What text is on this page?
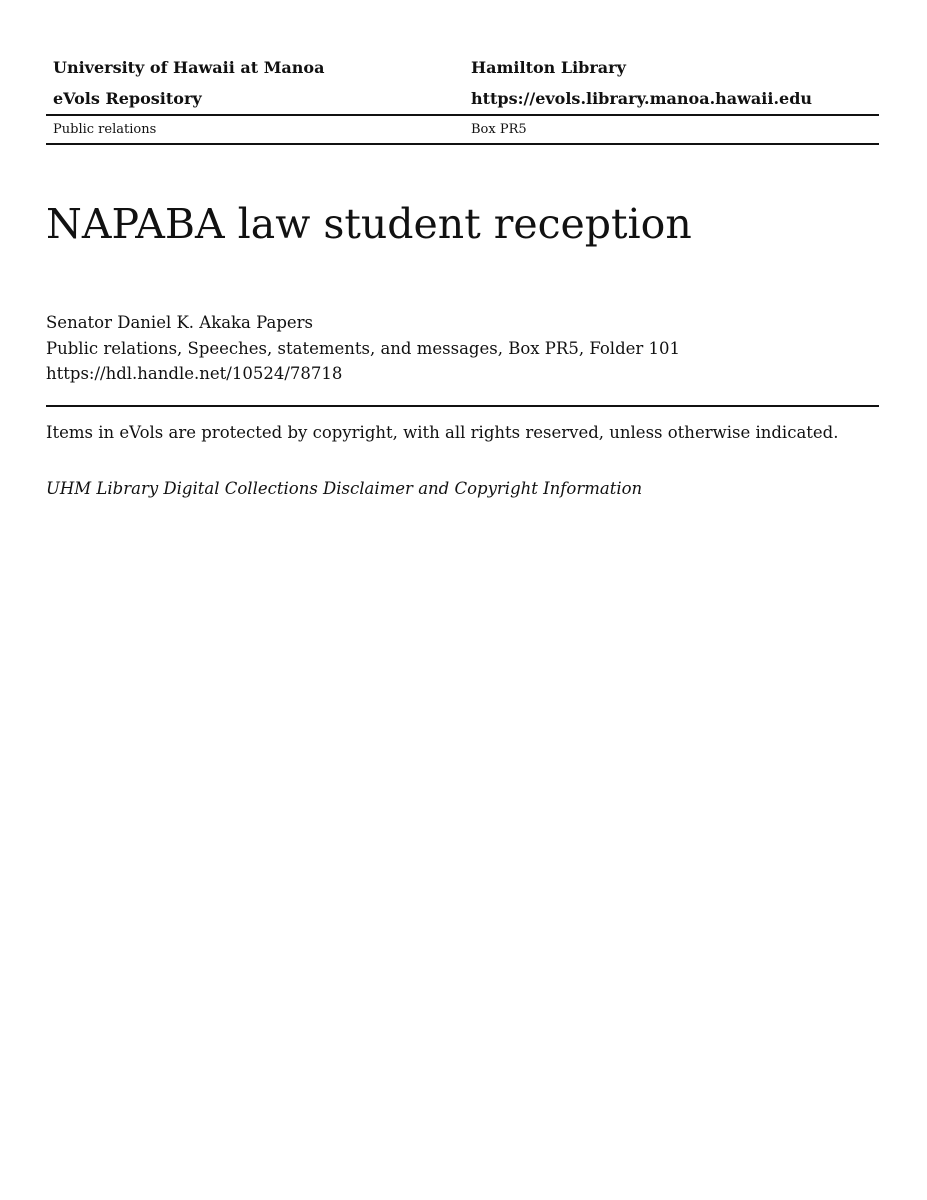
University of Hawaii at Manoa	Hamilton Library
eVols Repository	https://evols.library.manoa.hawaii.edu
Public relations	Box PR5
NAPABA law student reception
Senator Daniel K. Akaka Papers
Public relations, Speeches, statements, and messages, Box PR5, Folder 101
https://hdl.handle.net/10524/78718
Items in eVols are protected by copyright, with all rights reserved, unless otherwise indicated.
UHM Library Digital Collections Disclaimer and Copyright Information
